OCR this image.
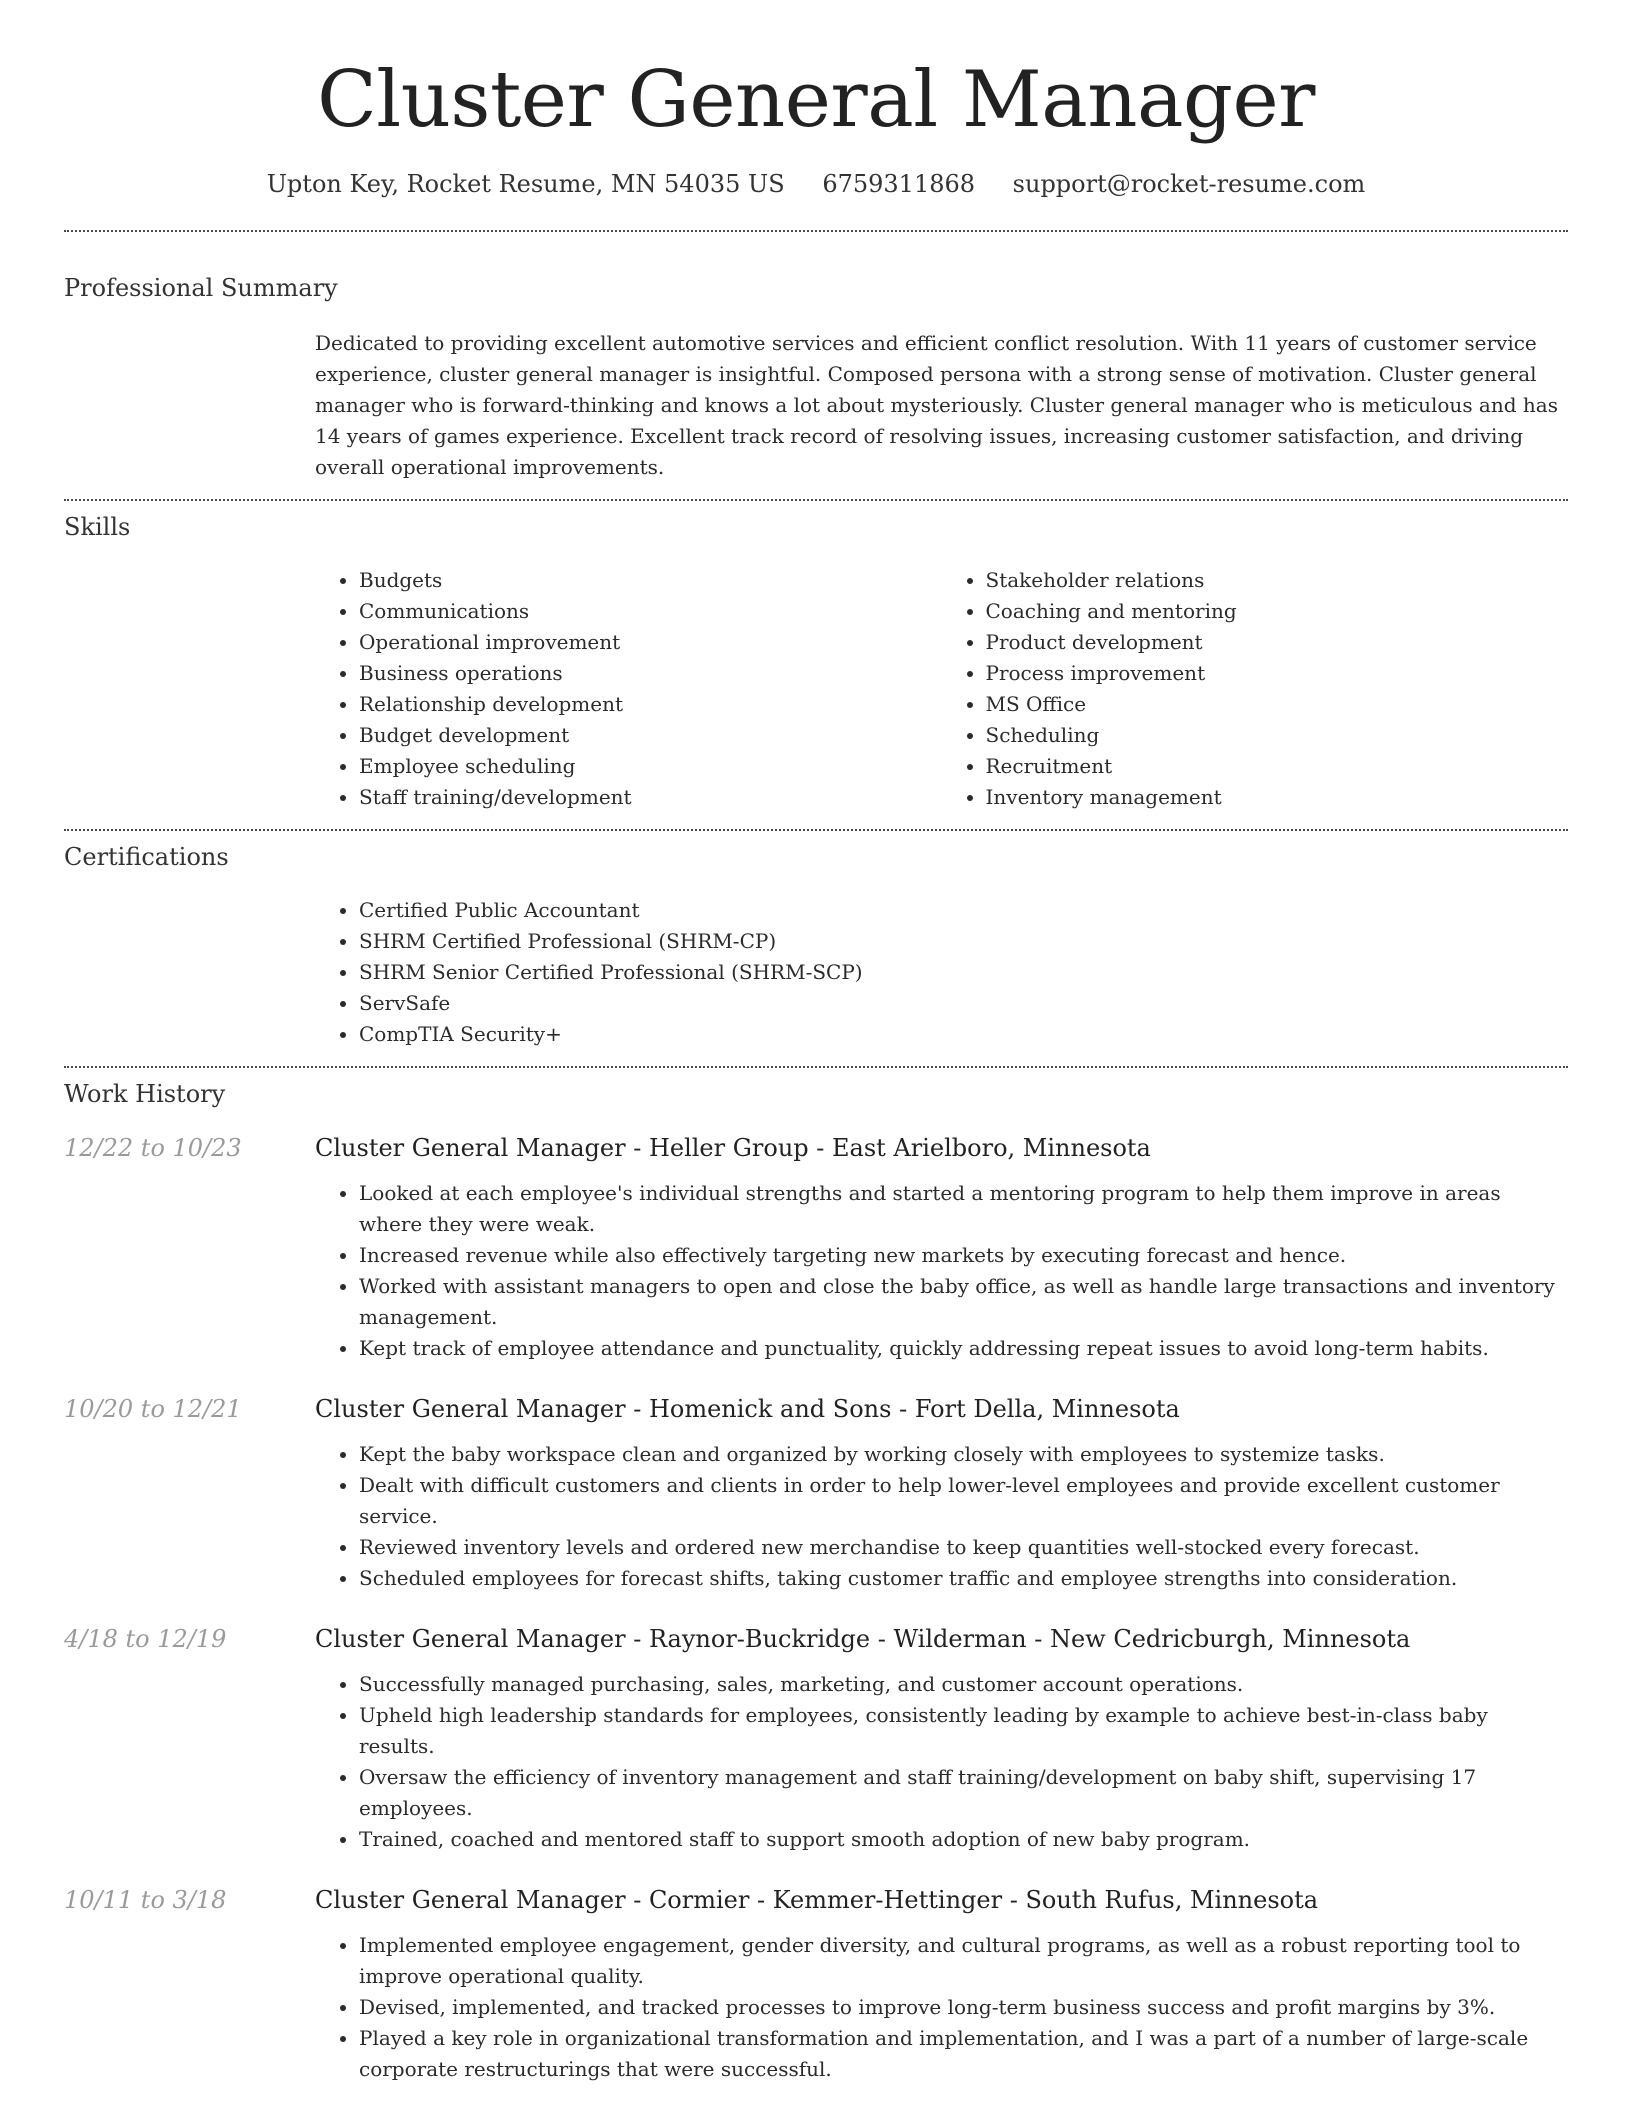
Cluster General Manager
Upton Key, Rocket Resume, MN 54035 US 6759311868 support@rocket-resume.com
Professional Summary

Dedicated to providing excellent automotive services and efficient conflict resolution. With 11 years of customer service experience, cluster general manager is insightful. Composed persona with a strong sense of motivation. Cluster general manager who is forward-thinking and knows a lot about mysteriously. Cluster general manager who is meticulous and has 14 years of games experience. Excellent track record of resolving issues, increasing customer satisfaction, and driving overall operational improvements.

Skills
• Budgets
• Communications
• Operational improvement
• Business operations
• Relationship development
• Budget development
• Employee scheduling
• Staff training/development
• Stakeholder relations
• Coaching and mentoring
• Product development
• Process improvement
• MS Office
• Scheduling
• Recruitment
• Inventory management
Certifications
• Certified Public Accountant
• SHRM Certified Professional (SHRM-CP)
• SHRM Senior Certified Professional (SHRM-SCP)
• ServSafe
• CompTIA Security+
Work History
12/22 to 10/23	Cluster General Manager - Heller Group - East Arielboro, Minnesota
• Looked at each employee's individual strengths and started a mentoring program to help them improve in areas where they were weak.
• Increased revenue while also effectively targeting new markets by executing forecast and hence.
• Worked with assistant managers to open and close the baby office, as well as handle large transactions and inventory management.
• Kept track of employee attendance and punctuality, quickly addressing repeat issues to avoid long-term habits.
10/20 to 12/21	Cluster General Manager - Homenick and Sons - Fort Della, Minnesota
• Kept the baby workspace clean and organized by working closely with employees to systemize tasks.
• Dealt with difficult customers and clients in order to help lower-level employees and provide excellent customer service.
• Reviewed inventory levels and ordered new merchandise to keep quantities well-stocked every forecast.
• Scheduled employees for forecast shifts, taking customer traffic and employee strengths into consideration.
4/18 to 12/19	Cluster General Manager - Raynor-Buckridge - Wilderman - New Cedricburgh, Minnesota
• Successfully managed purchasing, sales, marketing, and customer account operations.
• Upheld high leadership standards for employees, consistently leading by example to achieve best-in-class baby results.
• Oversaw the efficiency of inventory management and staff training/development on baby shift, supervising 17 employees.
• Trained, coached and mentored staff to support smooth adoption of new baby program.
10/11 to 3/18	Cluster General Manager - Cormier - Kemmer-Hettinger - South Rufus, Minnesota
• Implemented employee engagement, gender diversity, and cultural programs, as well as a robust reporting tool to improve operational quality.
• Devised, implemented, and tracked processes to improve long-term business success and profit margins by 3%.
• Played a key role in organizational transformation and implementation, and I was a part of a number of large-scale corporate restructurings that were successful.
